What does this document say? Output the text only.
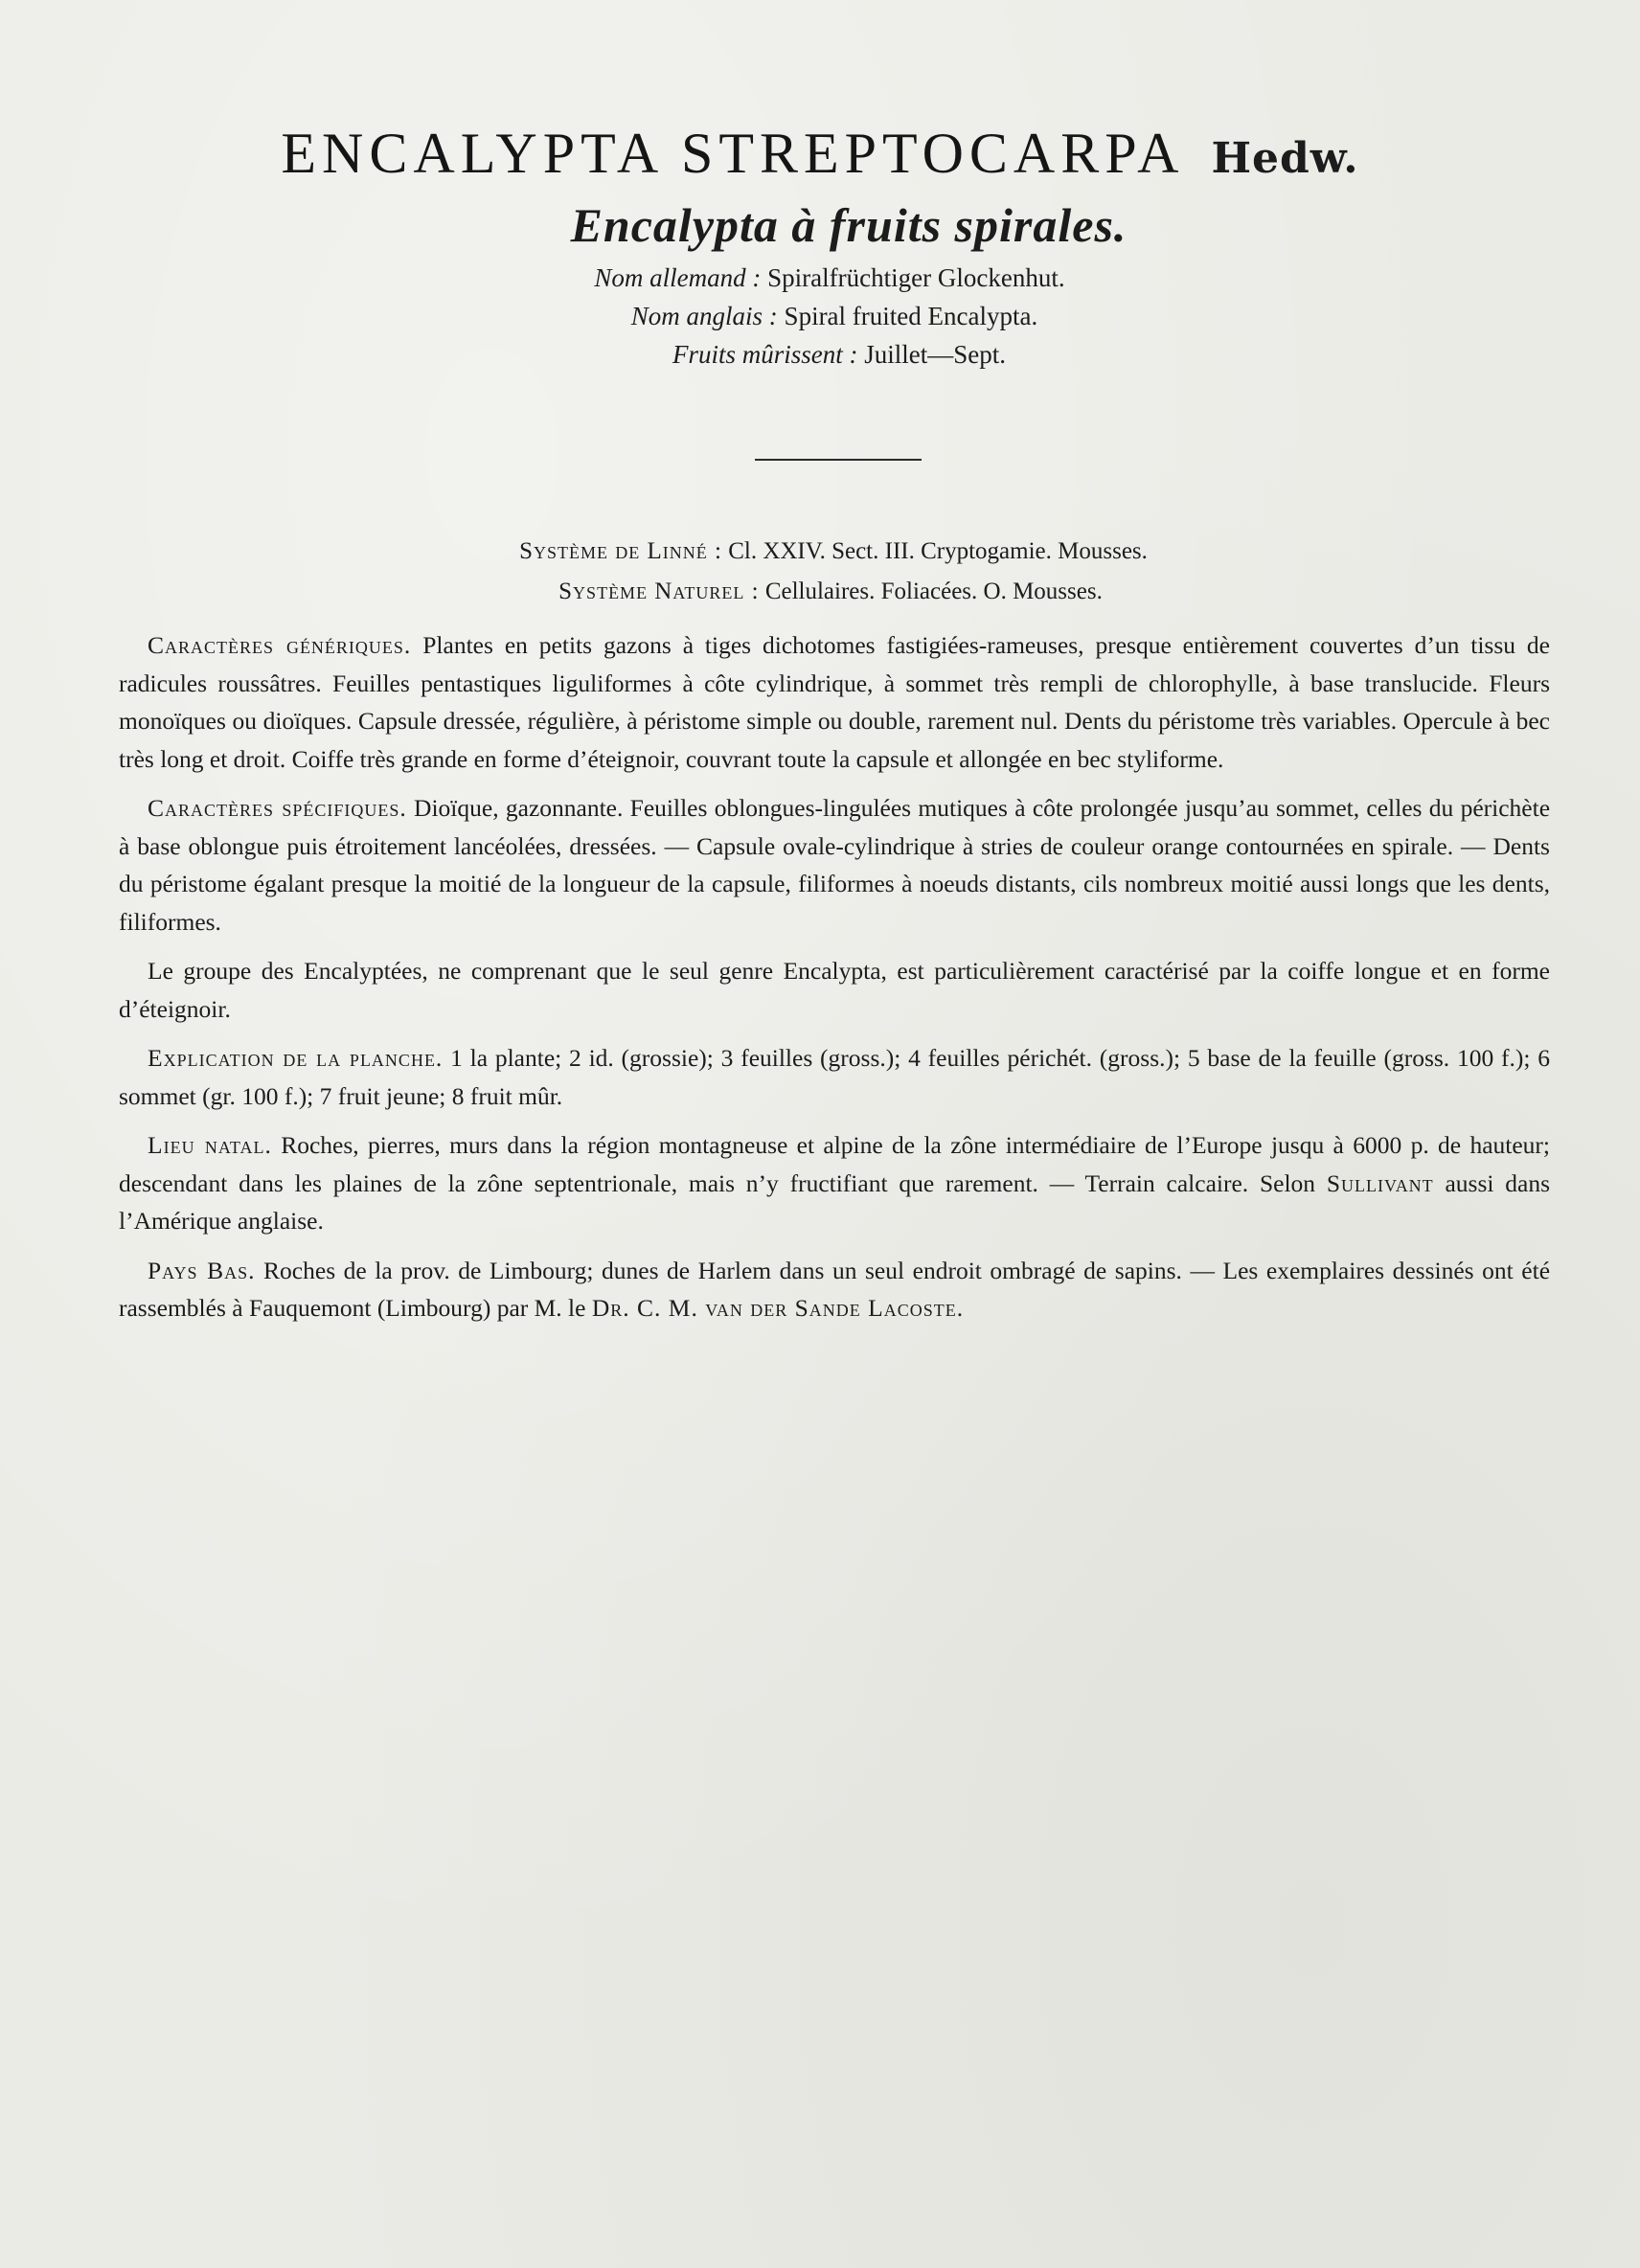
ENCALYPTA STREPTOCARPA Hedw.

Encalypta à fruits spirales.

Nom allemand : Spiralfrüchtiger Glockenhut.

Nom anglais : Spiral fruited Encalypta.

Fruits mûrissent : Juillet—Sept.

Système de Linné : Cl. XXIV. Sect. III. Cryptogamie. Mousses.

Système Naturel : Cellulaires. Foliacées. O. Mousses.

Caractères génériques. Plantes en petits gazons à tiges dichotomes fastigiées-rameuses, presque entièrement couvertes d’un tissu de radicules roussâtres. Feuilles pentastiques liguliformes à côte cylindrique, à sommet très rempli de chlorophylle, à base translucide. Fleurs monoïques ou dioïques. Capsule dressée, régulière, à péristome simple ou double, rarement nul. Dents du péristome très variables. Opercule à bec très long et droit. Coiffe très grande en forme d’éteignoir, couvrant toute la capsule et allongée en bec styliforme.

Caractères spécifiques. Dioïque, gazonnante. Feuilles oblongues-lingulées mutiques à côte prolongée jusqu’au sommet, celles du périchète à base oblongue puis étroitement lancéolées, dressées. — Capsule ovale-cylindrique à stries de couleur orange contournées en spirale. — Dents du péristome égalant presque la moitié de la longueur de la capsule, filiformes à noeuds distants, cils nombreux moitié aussi longs que les dents, filiformes.

Le groupe des Encalyptées, ne comprenant que le seul genre Encalypta, est particulièrement caractérisé par la coiffe longue et en forme d’éteignoir.

Explication de la planche. 1 la plante; 2 id. (grossie); 3 feuilles (gross.); 4 feuilles périchét. (gross.); 5 base de la feuille (gross. 100 f.); 6 sommet (gr. 100 f.); 7 fruit jeune; 8 fruit mûr.

Lieu natal. Roches, pierres, murs dans la région montagneuse et alpine de la zône intermédiaire de l’Europe jusqu à 6000 p. de hauteur; descendant dans les plaines de la zône septentrionale, mais n’y fructifiant que rarement. — Terrain calcaire. Selon Sullivant aussi dans l’Amérique anglaise.

Pays Bas. Roches de la prov. de Limbourg; dunes de Harlem dans un seul endroit ombragé de sapins. — Les exemplaires dessinés ont été rassemblés à Fauquemont (Limbourg) par M. le Dr. C. M. van der Sande Lacoste.
